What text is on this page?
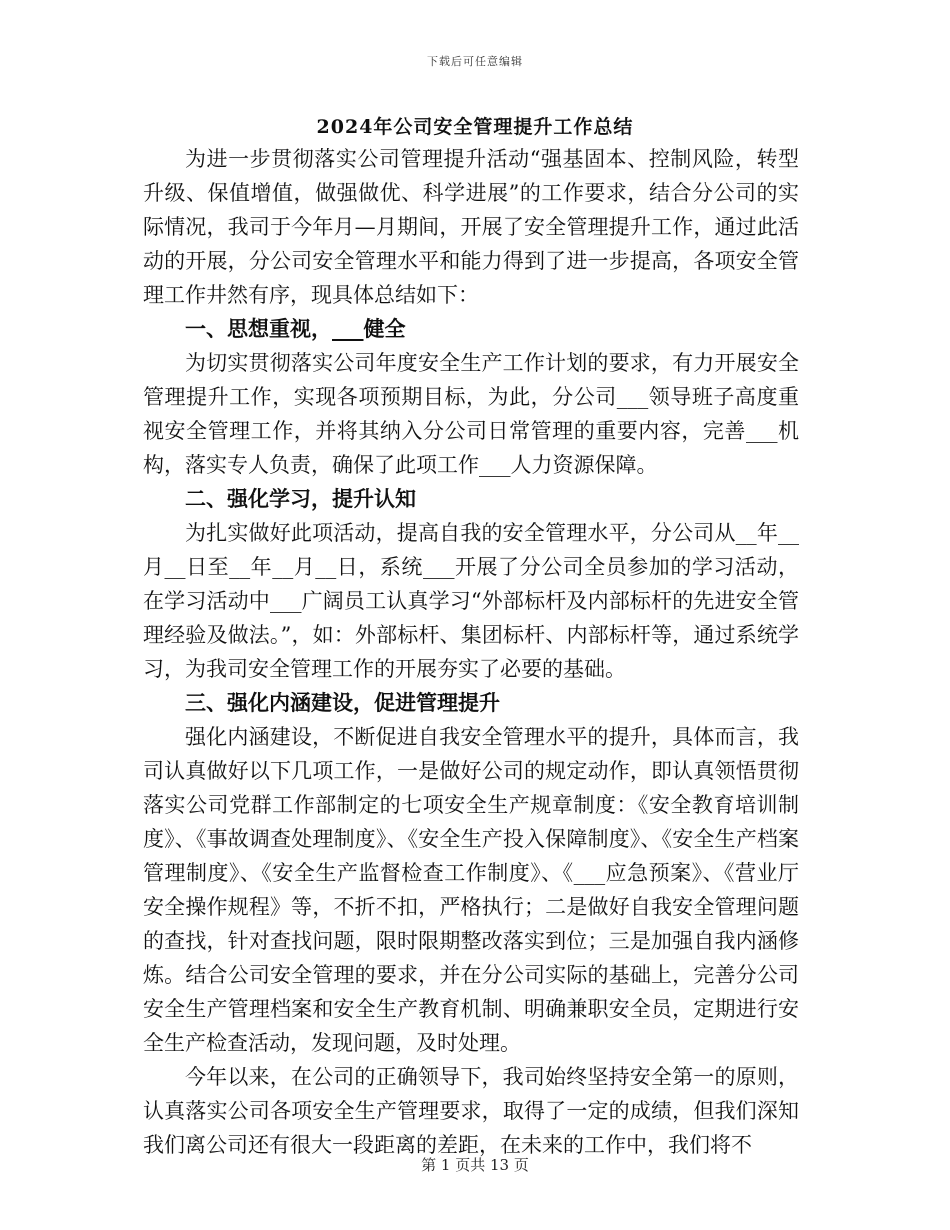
下载后可任意编辑
2024年公司安全管理提升工作总结

为进一步贯彻落实公司管理提升活动“强基固本、控制风险，转型升级、保值增值，做强做优、科学进展”的工作要求，结合分公司的实际情况，我司于今年月—月期间，开展了安全管理提升工作，通过此活动的开展，分公司安全管理水平和能力得到了进一步提高，各项安全管理工作井然有序，现具体总结如下：

一、思想重视，___健全

为切实贯彻落实公司年度安全生产工作计划的要求，有力开展安全管理提升工作，实现各项预期目标，为此，分公司___领导班子高度重视安全管理工作，并将其纳入分公司日常管理的重要内容，完善___机构，落实专人负责，确保了此项工作___人力资源保障。

二、强化学习，提升认知

为扎实做好此项活动，提高自我的安全管理水平，分公司从__年__月__日至__年__月__日，系统___开展了分公司全员参加的学习活动，在学习活动中___广阔员工认真学习“外部标杆及内部标杆的先进安全管理经验及做法。”，如：外部标杆、集团标杆、内部标杆等，通过系统学习，为我司安全管理工作的开展夯实了必要的基础。

三、强化内涵建设，促进管理提升

强化内涵建设，不断促进自我安全管理水平的提升，具体而言，我司认真做好以下几项工作，一是做好公司的规定动作，即认真领悟贯彻落实公司党群工作部制定的七项安全生产规章制度：《安全教育培训制度》、《事故调查处理制度》、《安全生产投入保障制度》、《安全生产档案管理制度》、《安全生产监督检查工作制度》、《___应急预案》、《营业厅安全操作规程》等，不折不扣，严格执行；二是做好自我安全管理问题的查找，针对查找问题，限时限期整改落实到位；三是加强自我内涵修炼。结合公司安全管理的要求，并在分公司实际的基础上，完善分公司安全生产管理档案和安全生产教育机制、明确兼职安全员，定期进行安全生产检查活动，发现问题，及时处理。

今年以来，在公司的正确领导下，我司始终坚持安全第一的原则，认真落实公司各项安全生产管理要求，取得了一定的成绩，但我们深知我们离公司还有很大一段距离的差距，在未来的工作中，我们将不

第 1 页共 13 页
